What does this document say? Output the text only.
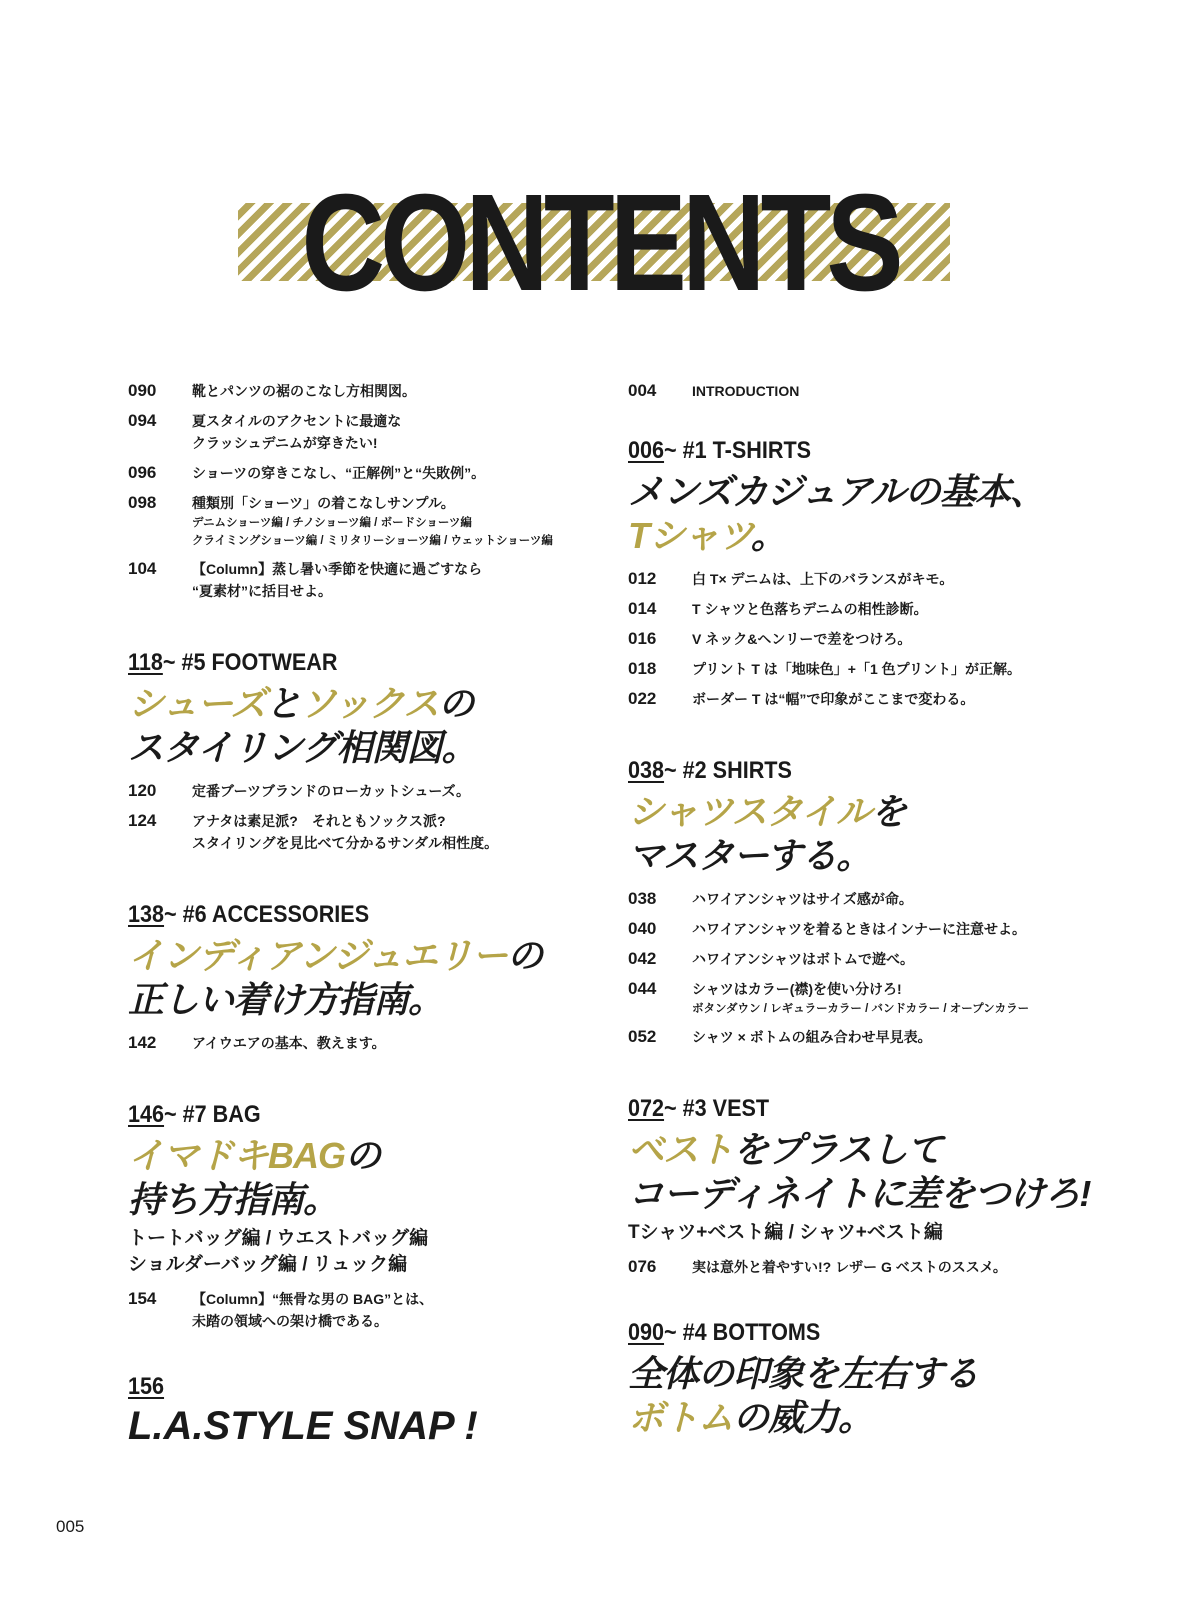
CONTENTS
090	靴とパンツの裾のこなし方相関図。
094	夏スタイルのアクセントに最適な
クラッシュデニムが穿きたい!
096	ショーツの穿きこなし、“正解例”と“失敗例”。
098	種類別「ショーツ」の着こなしサンプル。
デニムショーツ編 / チノショーツ編 / ボードショーツ編
クライミングショーツ編 / ミリタリーショーツ編 / ウェットショーツ編
104	【Column】蒸し暑い季節を快適に過ごすなら
“夏素材”に括目せよ。
118~ #5 FOOTWEAR
シューズとソックスの
スタイリング相関図。
120	定番ブーツブランドのローカットシューズ。
124	アナタは素足派?　それともソックス派?
スタイリングを見比べて分かるサンダル相性度。
138~ #6 ACCESSORIES
インディアンジュエリーの
正しい着け方指南。
142	アイウエアの基本、教えます。
146~ #7 BAG
イマドキBAGの
持ち方指南。
トートバッグ編 / ウエストバッグ編
ショルダーバッグ編 / リュック編
154	【Column】“無骨な男の BAG”とは、
未踏の領域への架け橋である。
156
L.A.STYLE SNAP !
004	INTRODUCTION
006~ #1 T-SHIRTS
メンズカジュアルの基本、
Tシャツ。
012	白 T× デニムは、上下のバランスがキモ。
014	T シャツと色落ちデニムの相性診断。
016	V ネック&ヘンリーで差をつけろ。
018	プリント T は「地味色」+「1 色プリント」が正解。
022	ボーダー T は“幅”で印象がここまで変わる。
038~ #2 SHIRTS
シャツスタイルを
マスターする。
038	ハワイアンシャツはサイズ感が命。
040	ハワイアンシャツを着るときはインナーに注意せよ。
042	ハワイアンシャツはボトムで遊べ。
044	シャツはカラー(襟)を使い分けろ!
ボタンダウン / レギュラーカラー / バンドカラー / オープンカラー
052	シャツ × ボトムの組み合わせ早見表。
072~ #3 VEST
ベストをプラスして
コーディネイトに差をつけろ!
Tシャツ+ベスト編 / シャツ+ベスト編
076	実は意外と着やすい!? レザー G ベストのススメ。
090~ #4 BOTTOMS
全体の印象を左右する
ボトムの威力。
005
